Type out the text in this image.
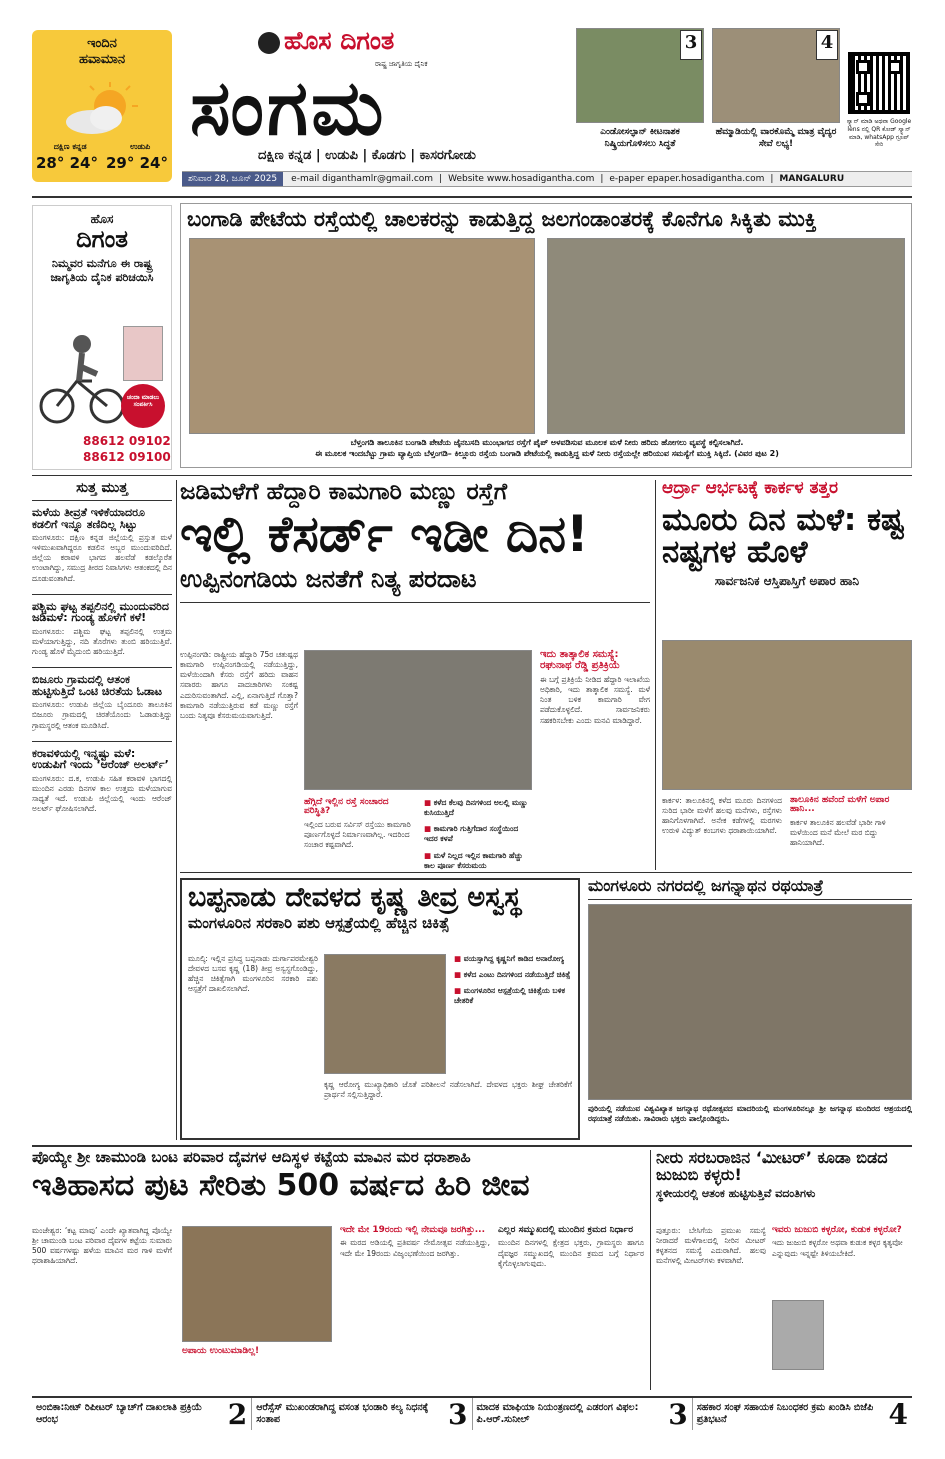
ಇಂದಿನ
ಹವಾಮಾನ
ದಕ್ಷಿಣ ಕನ್ನಡ	ಉಡುಪಿ
28° 24° 29° 24°
ಹೊಸ ದಿಗಂತ
ರಾಷ್ಟ್ರ ಜಾಗೃತಿಯ ದೈನಿಕ
ಸಂಗಮ
ದಕ್ಷಿಣ ಕನ್ನಡ | ಉಡುಪಿ | ಕೊಡಗು | ಕಾಸರಗೋಡು
ಶನಿವಾರ 28, ಜೂನ್ 2025	e-mail diganthamlr@gmail.com | Website www.hosadigantha.com | e-paper epaper.hosadigantha.com | MANGALURU
3
ಎಂಡೋಸಲ್ಫಾನ್ ಕೀಟನಾಶಕ ನಿಷ್ಕ್ರಿಯಗೊಳಿಸಲು ಸಿದ್ಧತೆ
4
ಹೆಮ್ಮಾಡಿಯಲ್ಲಿ ವಾರಕೊಮ್ಮೆ ಮಾತ್ರ ವೈದ್ಯರ ಸೇವೆ ಲಭ್ಯ!
ಸ್ಕ್ಯಾನ್ ಮಾಡಿ ಅಥವಾ Google lens ನಲ್ಲಿ QR ಕೋಡ್ ಸ್ಕ್ಯಾನ್ ಮಾಡಿ, whatsApp ಗ್ರೂಪ್ ಸೇರಿ
ಹೊಸ
ದಿಗಂತ
ನಿಮ್ಮವರ ಮನೆಗೂ ಈ ರಾಷ್ಟ್ರ ಜಾಗೃತಿಯ ದೈನಿಕ ಪರಿಚಯಿಸಿ
ಚಂದಾ ಮಾಡಲು ಸಂಪರ್ಕಿಸಿ
88612 09102
88612 09100
ಬಂಗಾಡಿ ಪೇಟೆಯ ರಸ್ತೆಯಲ್ಲಿ ಚಾಲಕರನ್ನು ಕಾಡುತ್ತಿದ್ದ ಜಲಗಂಡಾಂತರಕ್ಕೆ ಕೊನೆಗೂ ಸಿಕ್ಕಿತು ಮುಕ್ತಿ
ಬೆಳ್ತಂಗಡಿ ತಾಲೂಕಿನ ಬಂಗಾಡಿ ಪೇಟೆಯ ಜೈನಬಸದಿ ಮುಂಭಾಗದ ರಸ್ತೆಗೆ ಪೈಪ್ ಅಳವಡಿಸುವ ಮೂಲಕ ಮಳೆ ನೀರು ಹರಿದು ಹೋಗಲು ವ್ಯವಸ್ಥೆ ಕಲ್ಪಿಸಲಾಗಿದೆ.
ಈ ಮೂಲಕ ಇಂದಬೆಟ್ಟು ಗ್ರಾಮ ವ್ಯಾಪ್ತಿಯ ಬೆಳ್ತಂಗಡಿ– ಕಿಲ್ಲೂರು ರಸ್ತೆಯ ಬಂಗಾಡಿ ಪೇಟೆಯಲ್ಲಿ ಕಾಡುತ್ತಿದ್ದ ಮಳೆ ನೀರು ರಸ್ತೆಯಲ್ಲೇ ಹರಿಯುವ ಸಮಸ್ಯೆಗೆ ಮುಕ್ತಿ ಸಿಕ್ಕಿದೆ. (ವಿವರ ಪುಟ 2)
ಸುತ್ತ ಮುತ್ತ
ಮಳೆಯ ತೀವ್ರತೆ ಇಳಿಕೆಯಾದರೂ ಕಡಲಿಗೆ ಇನ್ನೂ ತಣಿದಿಲ್ಲ ಸಿಟ್ಟು
ಮಂಗಳೂರು: ದಕ್ಷಿಣ ಕನ್ನಡ ಜಿಲ್ಲೆಯಲ್ಲಿ ಪ್ರಸ್ತುತ ಮಳೆ ಇಳಿಮುಖವಾಗಿದ್ದರೂ ಕಡಲಿನ ಅಬ್ಬರ ಮುಂದುವರಿದಿದೆ. ಜಿಲ್ಲೆಯ ಕರಾವಳಿ ಭಾಗದ ಹಲವೆಡೆ ಕಡಲ್ಕೊರೆತ ಉಂಟಾಗಿದ್ದು, ಸಮುದ್ರ ತೀರದ ನಿವಾಸಿಗಳು ಆತಂಕದಲ್ಲಿ ದಿನ ದೂಡುವಂತಾಗಿದೆ.
ಪಶ್ಚಿಮ ಘಟ್ಟ ತಪ್ಪಲಿನಲ್ಲಿ ಮುಂದುವರಿದ ಜಡಿಮಳೆ: ಗುಂಡ್ಯ ಹೊಳೆಗೆ ಕಳೆ!
ಮಂಗಳೂರು: ಪಶ್ಚಿಮ ಘಟ್ಟ ತಪ್ಪಲಿನಲ್ಲಿ ಉತ್ತಮ ಮಳೆಯಾಗುತ್ತಿದ್ದು, ನದಿ ತೊರೆಗಳು ತುಂಬಿ ಹರಿಯುತ್ತಿವೆ. ಗುಂಡ್ಯ ಹೊಳೆ ಮೈದುಂಬಿ ಹರಿಯುತ್ತಿದೆ.
ಬಿಜೂರು ಗ್ರಾಮದಲ್ಲಿ ಆತಂಕ ಹುಟ್ಟಿಸುತ್ತಿದೆ ಒಂಟಿ ಚಿರತೆಯ ಓಡಾಟ
ಮಂಗಳೂರು: ಉಡುಪಿ ಜಿಲ್ಲೆಯ ಬೈಂದೂರು ತಾಲೂಕಿನ ಬಿಜೂರು ಗ್ರಾಮದಲ್ಲಿ ಚಿರತೆಯೊಂದು ಓಡಾಡುತ್ತಿದ್ದು ಗ್ರಾಮಸ್ಥರಲ್ಲಿ ಆತಂಕ ಮೂಡಿಸಿದೆ.
ಕರಾವಳಿಯಲ್ಲಿ ಇನ್ನಷ್ಟು ಮಳೆ: ಉಡುಪಿಗೆ ಇಂದು ‘ಆರೆಂಜ್ ಅಲರ್ಟ್’
ಮಂಗಳೂರು: ದ.ಕ, ಉಡುಪಿ ಸಹಿತ ಕರಾವಳಿ ಭಾಗದಲ್ಲಿ ಮುಂದಿನ ಎರಡು ದಿನಗಳ ಕಾಲ ಉತ್ತಮ ಮಳೆಯಾಗುವ ಸಾಧ್ಯತೆ ಇದೆ. ಉಡುಪಿ ಜಿಲ್ಲೆಯಲ್ಲಿ ಇಂದು ಆರೆಂಜ್ ಅಲರ್ಟ್ ಘೋಷಿಸಲಾಗಿದೆ.
ಜಡಿಮಳೆಗೆ ಹೆದ್ದಾರಿ ಕಾಮಗಾರಿ ಮಣ್ಣು ರಸ್ತೆಗೆ
ಇಲ್ಲಿ ಕೆಸರ್ಡ್ ಇಡೀ ದಿನ!
ಉಪ್ಪಿನಂಗಡಿಯ ಜನತೆಗೆ ನಿತ್ಯ ಪರದಾಟ
ಉಪ್ಪಿನಂಗಡಿ: ರಾಷ್ಟ್ರೀಯ ಹೆದ್ದಾರಿ 75ರ ಚತುಷ್ಪಥ ಕಾಮಗಾರಿ ಉಪ್ಪಿನಂಗಡಿಯಲ್ಲಿ ನಡೆಯುತ್ತಿದ್ದು, ಮಳೆಯಿಂದಾಗಿ ಕೆಸರು ರಸ್ತೆಗೆ ಹರಿದು ವಾಹನ ಸವಾರರು ಹಾಗೂ ಪಾದಚಾರಿಗಳು ಸಂಕಷ್ಟ ಎದುರಿಸುವಂತಾಗಿದೆ. ಎಲ್ಲಿ, ಏನಾಗುತ್ತಿದೆ ಗೊತ್ತಾ? ಕಾಮಗಾರಿ ನಡೆಯುತ್ತಿರುವ ಕಡೆ ಮಣ್ಣು ರಸ್ತೆಗೆ ಬಂದು ನಿತ್ಯವೂ ಕೆಸರುಮಯವಾಗುತ್ತಿದೆ.
ಹೆಗ್ಗಿದೆ ಇಲ್ಲಿನ ರಸ್ತೆ ಸಂಚಾರದ ಪರಿಸ್ಥಿತಿ?
ಇಲ್ಲಿಂದ ಬರುವ ಸರ್ವಿಸ್ ರಸ್ತೆಯು ಕಾಮಗಾರಿ ಪೂರ್ಣಗೊಳ್ಳದೆ ನಿರ್ಮಾಣವಾಗಿಲ್ಲ. ಇದರಿಂದ ಸಂಚಾರ ಕಷ್ಟವಾಗಿದೆ.
■ ಕಳೆದ ಕೆಲವು ದಿನಗಳಿಂದ ಅಲಲ್ಲಿ ಮಣ್ಣು ಕುಸಿಯುತ್ತಿದೆ
■ ಕಾಮಗಾರಿ ಗುತ್ತಿಗೆದಾರ ಸಂಸ್ಥೆಯಿಂದ ಇದರ ಕಳಪೆ
■ ಮಳೆ ನಿಲ್ಲದ ಇಲ್ಲಿನ ಕಾಮಗಾರಿ ಹೆಚ್ಚು ಕಾಲ ಪೂರ್ಣ ಕೆಸರುಮಯ
ಇದು ತಾತ್ಕಾಲಿಕ ಸಮಸ್ಯೆ: ರಘುನಾಥ ರೆಡ್ಡಿ ಪ್ರತಿಕ್ರಿಯೆ
ಈ ಬಗ್ಗೆ ಪ್ರತಿಕ್ರಿಯೆ ನೀಡಿದ ಹೆದ್ದಾರಿ ಇಲಾಖೆಯ ಅಧಿಕಾರಿ, ಇದು ತಾತ್ಕಾಲಿಕ ಸಮಸ್ಯೆ. ಮಳೆ ನಿಂತ ಬಳಿಕ ಕಾಮಗಾರಿ ವೇಗ ಪಡೆದುಕೊಳ್ಳಲಿದೆ. ಸಾರ್ವಜನಿಕರು ಸಹಕರಿಸಬೇಕು ಎಂದು ಮನವಿ ಮಾಡಿದ್ದಾರೆ.
ಆರ್ದ್ರಾ ಆರ್ಭಟಕ್ಕೆ ಕಾರ್ಕಳ ತತ್ತರ
ಮೂರು ದಿನ ಮಳೆ: ಕಷ್ಟ ನಷ್ಟಗಳ ಹೊಳೆ
ಸಾರ್ವಜನಿಕ ಆಸ್ತಿಪಾಸ್ತಿಗೆ ಅಪಾರ ಹಾನಿ
ಕಾರ್ಕಳ: ತಾಲೂಕಿನಲ್ಲಿ ಕಳೆದ ಮೂರು ದಿನಗಳಿಂದ ಸುರಿದ ಭಾರೀ ಮಳೆಗೆ ಹಲವು ಮನೆಗಳು, ರಸ್ತೆಗಳು ಹಾನಿಗೊಳಗಾಗಿವೆ. ಅನೇಕ ಕಡೆಗಳಲ್ಲಿ ಮರಗಳು ಉರುಳಿ ವಿದ್ಯುತ್ ಕಂಬಗಳು ಧರಾಶಾಯಿಯಾಗಿವೆ.
ತಾಲೂಕಿನ ಹವೆಂದೆ ಮಳೆಗೆ ಅಪಾರ ಹಾನಿ...
ಕಾರ್ಕಳ ತಾಲೂಕಿನ ಹಲವೆಡೆ ಭಾರೀ ಗಾಳಿ ಮಳೆಯಿಂದ ಮನೆ ಮೇಲೆ ಮರ ಬಿದ್ದು ಹಾನಿಯಾಗಿದೆ.
ಬಪ್ಪನಾಡು ದೇವಳದ ಕೃಷ್ಣ ತೀವ್ರ ಅಸ್ವಸ್ಥ
ಮಂಗಳೂರಿನ ಸರಕಾರಿ ಪಶು ಆಸ್ಪತ್ರೆಯಲ್ಲಿ ಹೆಚ್ಚಿನ ಚಿಕಿತ್ಸೆ
ಮೂಲ್ಕಿ: ಇಲ್ಲಿನ ಪ್ರಸಿದ್ಧ ಬಪ್ಪನಾಡು ದುರ್ಗಾಪರಮೇಶ್ವರಿ ದೇವಳದ ಬಸವ ಕೃಷ್ಣ (18) ತೀವ್ರ ಅಸ್ವಸ್ಥಗೊಂಡಿದ್ದು, ಹೆಚ್ಚಿನ ಚಿಕಿತ್ಸೆಗಾಗಿ ಮಂಗಳೂರಿನ ಸರಕಾರಿ ಪಶು ಆಸ್ಪತ್ರೆಗೆ ದಾಖಲಿಸಲಾಗಿದೆ.
■ ವಯಸ್ಸಾಗಿದ್ದ ಕೃಷ್ಣನಿಗೆ ಕಾಡಿದ ಅನಾರೋಗ್ಯ
■ ಕಳೆದ ಎಂಟು ದಿನಗಳಿಂದ ನಡೆಯುತ್ತಿದೆ ಚಿಕಿತ್ಸೆ
■ ಮಂಗಳೂರಿನ ಆಸ್ಪತ್ರೆಯಲ್ಲಿ ಚಿಕಿತ್ಸೆಯ ಬಳಿಕ ಚೇತರಿಕೆ
ಕೃಷ್ಣ ಆರೋಗ್ಯ ಮುಖ್ಯಾಧಿಕಾರಿ ಜೊತೆ ಪರಿಶೀಲನೆ ನಡೆಸಲಾಗಿದೆ. ದೇವಳದ ಭಕ್ತರು ಶೀಘ್ರ ಚೇತರಿಕೆಗೆ ಪ್ರಾರ್ಥನೆ ಸಲ್ಲಿಸುತ್ತಿದ್ದಾರೆ.
ಮಂಗಳೂರು ನಗರದಲ್ಲಿ ಜಗನ್ನಾಥನ ರಥಯಾತ್ರೆ
ಪುರಿಯಲ್ಲಿ ನಡೆಯುವ ವಿಶ್ವವಿಖ್ಯಾತ ಜಗನ್ನಾಥ ರಥೋತ್ಸವದ ಮಾದರಿಯಲ್ಲಿ ಮಂಗಳೂರಿನಲ್ಲೂ ಶ್ರೀ ಜಗನ್ನಾಥ ಮಂದಿರದ ಆಶ್ರಯದಲ್ಲಿ ರಥಯಾತ್ರೆ ನಡೆಯಿತು. ಸಾವಿರಾರು ಭಕ್ತರು ಪಾಲ್ಗೊಂಡಿದ್ದರು.
ಪೊಯ್ಯೇ ಶ್ರೀ ಚಾಮುಂಡಿ ಬಂಟ ಪರಿವಾರ ದೈವಗಳ ಆದಿಸ್ಥಳ ಕಟ್ಟೆಯ ಮಾವಿನ ಮರ ಧರಾಶಾಹಿ
ಇತಿಹಾಸದ ಪುಟ ಸೇರಿತು 500 ವರ್ಷದ ಹಿರಿ ಜೀವ
ಮಂಜೇಶ್ವರ: ‘ಕಟ್ಟ ಮಾವು’ ಎಂದೇ ಖ್ಯಾತವಾಗಿದ್ದ ಪೊಯ್ಯೇ ಶ್ರೀ ಚಾಮುಂಡಿ ಬಂಟ ಪರಿವಾರ ದೈವಗಳ ಕಟ್ಟೆಯ ಸುಮಾರು 500 ವರ್ಷಗಳಷ್ಟು ಹಳೆಯ ಮಾವಿನ ಮರ ಗಾಳಿ ಮಳೆಗೆ ಧರಾಶಾಹಿಯಾಗಿದೆ.
ಅಪಾಯ ಉಂಟುಮಾಡಿಲ್ಲ!
ಇದೇ ಮೇ 19ರಂದು ಇಲ್ಲಿ ನೇಮವೂ ಜರಗಿತ್ತು...
ಈ ಮರದ ಅಡಿಯಲ್ಲಿ ಪ್ರತಿವರ್ಷ ನೇಮೋತ್ಸವ ನಡೆಯುತ್ತಿದ್ದು, ಇದೇ ಮೇ 19ರಂದು ವಿಜೃಂಭಣೆಯಿಂದ ಜರಗಿತ್ತು.
ಎಲ್ಲರ ಸಮ್ಮುಖದಲ್ಲಿ ಮುಂದಿನ ಕ್ರಮದ ನಿರ್ಧಾರ
ಮುಂದಿನ ದಿನಗಳಲ್ಲಿ ಕ್ಷೇತ್ರದ ಭಕ್ತರು, ಗ್ರಾಮಸ್ಥರು ಹಾಗೂ ದೈವಜ್ಞರ ಸಮ್ಮುಖದಲ್ಲಿ ಮುಂದಿನ ಕ್ರಮದ ಬಗ್ಗೆ ನಿರ್ಧಾರ ಕೈಗೊಳ್ಳಲಾಗುವುದು.
ನೀರು ಸರಬರಾಜಿನ ‘ಮೀಟರ್’ ಕೂಡಾ ಬಿಡದ ಜುಜುಬಿ ಕಳ್ಳರು!
ಸ್ಥಳೀಯರಲ್ಲಿ ಆತಂಕ ಹುಟ್ಟಿಸುತ್ತಿವೆ ವದಂತಿಗಳು
ಪುತ್ತೂರು: ಬೇಸಿಗೆಯ ಪ್ರಮುಖ ಸಮಸ್ಯೆ ನೀರಾದರೆ ಮಳೆಗಾಲದಲ್ಲಿ ನೀರಿನ ಮೀಟರ್ ಕಳ್ಳತನದ ಸಮಸ್ಯೆ ಎದುರಾಗಿದೆ. ಹಲವು ಮನೆಗಳಲ್ಲಿ ಮೀಟರ್‌ಗಳು ಕಳವಾಗಿವೆ.
ಇವರು ಜುಜುಬಿ ಕಳ್ಳರೋ, ಕುಡುಕ ಕಳ್ಳರೋ?
ಇದು ಜುಜುಬಿ ಕಳ್ಳರೋ ಅಥವಾ ಕುಡುಕ ಕಳ್ಳರ ಕೃತ್ಯವೋ ಎನ್ನುವುದು ಇನ್ನಷ್ಟೇ ತಿಳಿಯಬೇಕಿದೆ.
ಅಂಬಿಕಾ:ನೀಟ್ ರಿಪೀಟರ್ ಬ್ಯಾಚ್‌ಗೆ ದಾಖಲಾತಿ ಪ್ರಕ್ರಿಯೆ ಆರಂಭ	2 ಆರೆಸ್ಸೆಸ್ ಮುಖಂಡರಾಗಿದ್ದ ವಸಂತ ಭಂಡಾರಿ ಕಲ್ಯ ನಿಧನಕ್ಕೆ ಸಂತಾಪ	3 ಮಾದಕ ಮಾಫಿಯಾ ನಿಯಂತ್ರಣದಲ್ಲಿ ಎಡರಂಗ ವಿಫಲ: ಪಿ.ಆರ್.ಸುನೀಲ್	3 ಸಹಕಾರ ಸಂಘ ಸಹಾಯಕ ನಿಬಂಧಕರ ಕ್ರಮ ಖಂಡಿಸಿ ಬಿಜೆಪಿ ಪ್ರತಿಭಟನೆ	4
